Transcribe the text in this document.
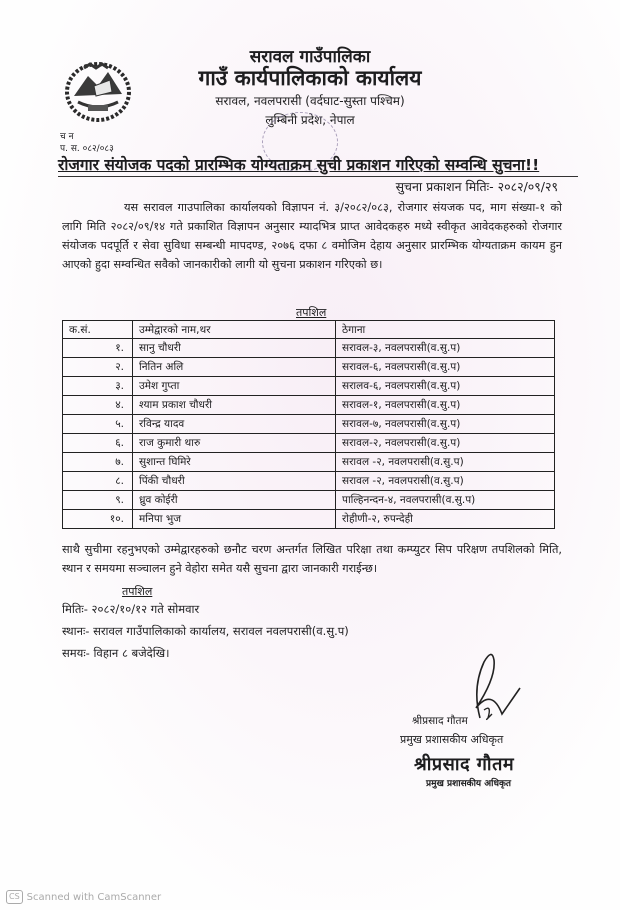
सरावल गाउँपालिका
गाउँ कार्यपालिकाको कार्यालय
सरावल, नवलपरासी (वर्दघाट-सुस्ता पश्चिम)
लुम्बिनी प्रदेश, नेपाल
च न
प. स. ०८२/०८३
रोजगार संयोजक पदको प्रारम्भिक योग्यताक्रम सुची प्रकाशन गरिएको सम्वन्धि सुचना!!
सुचना प्रकाशन मितिः- २०८२/०९/२९
यस सरावल गाउपालिका कार्यालयको विज्ञापन नं. ३/२०८२/०८३, रोजगार संयजक पद, माग संख्या-१ को लागि मिति २०८२/०९/१४ गते प्रकाशित विज्ञापन अनुसार म्यादभित्र प्राप्त आवेदकहरु मध्ये स्वीकृत आवेदकहरुको रोजगार संयोजक पदपूर्ति र सेवा सुविधा सम्बन्धी मापदण्ड, २०७६ दफा ८ वमोजिम देहाय अनुसार प्रारम्भिक योग्यताक्रम कायम हुन आएको हुदा सम्वन्धित सवैको जानकारीको लागी यो सुचना प्रकाशन गरिएको छ।
तपशिल
क.सं.	उम्मेद्वारको नाम,थर	ठेगाना
१.	सानु चौधरी	सरावल-३, नवलपरासी(व.सु.प)
२.	नितिन अलि	सरावल-६, नवलपरासी(व.सु.प)
३.	उमेश गुप्ता	सरालव-६, नवलपरासी(व.सु.प)
४.	श्याम प्रकाश चौधरी	सरावल-१, नवलपरासी(व.सु.प)
५.	रविन्द्र यादव	सरावल-७, नवलपरासी(व.सु.प)
६.	राज कुमारी थारु	सरावल-२, नवलपरासी(व.सु.प)
७.	सुशान्त घिमिरे	सरावल -२, नवलपरासी(व.सु.प)
८.	पिंकी चौधरी	सरावल -२, नवलपरासी(व.सु.प)
९.	ध्रुव कोईरी	पाल्हिनन्दन-४, नवलपरासी(व.सु.प)
१०.	मनिपा भुज	रोहीणी-२, रुपन्देही
साथै सुचीमा रहनुभएको उम्मेद्वारहरुको छनौट चरण अन्तर्गत लिखित परिक्षा तथा कम्प्युटर सिप परिक्षण तपशिलको मिति, स्थान र समयमा सञ्चालन हुने वेहोरा समेत यसै सुचना द्वारा जानकारी गराईन्छ।
तपशिल
मितिः- २०८२/१०/१२ गते सोमवार
स्थानः- सरावल गाउँपालिकाको कार्यालय, सरावल नवलपरासी(व.सु.प)
समयः- विहान ८ बजेदेखि।
श्रीप्रसाद गौतम
प्रमुख प्रशासकीय अधिकृत
श्रीप्रसाद गौतम
प्रमुख प्रशासकीय अधिकृत
CS Scanned with CamScanner
